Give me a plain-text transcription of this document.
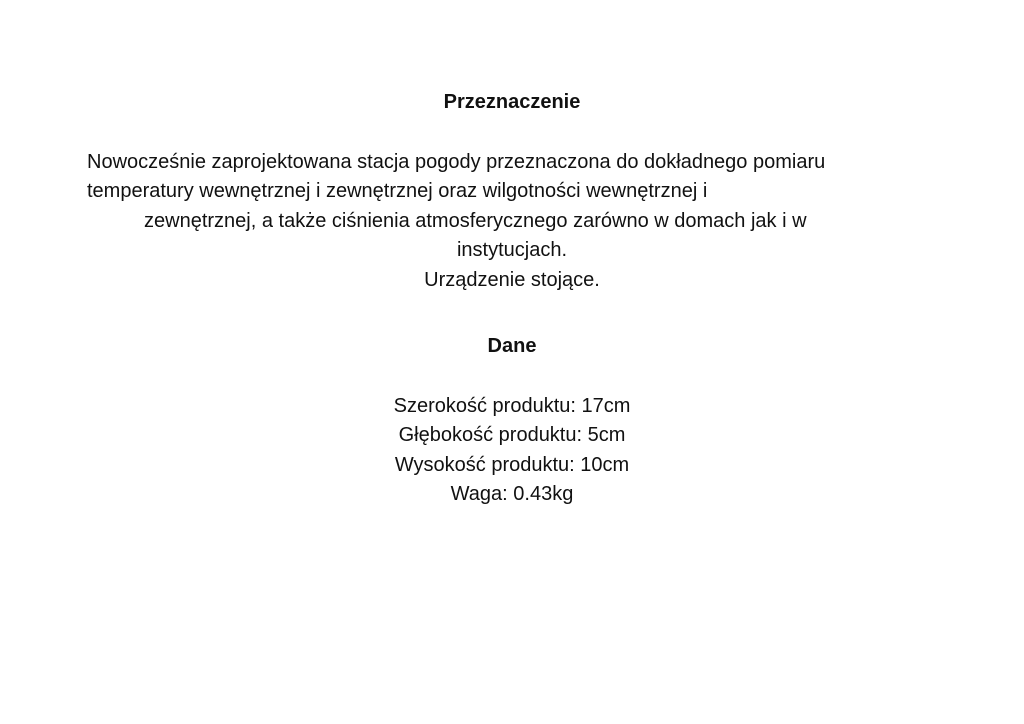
Przeznaczenie
Nowocześnie zaprojektowana stacja pogody przeznaczona do dokładnego pomiaru
temperatury wewnętrznej i zewnętrznej oraz wilgotności wewnętrznej i
zewnętrznej, a także ciśnienia atmosferycznego zarówno w domach jak i w
instytucjach.
Urządzenie stojące.
Dane
Szerokość produktu: 17cm
Głębokość produktu: 5cm
Wysokość produktu: 10cm
Waga: 0.43kg
